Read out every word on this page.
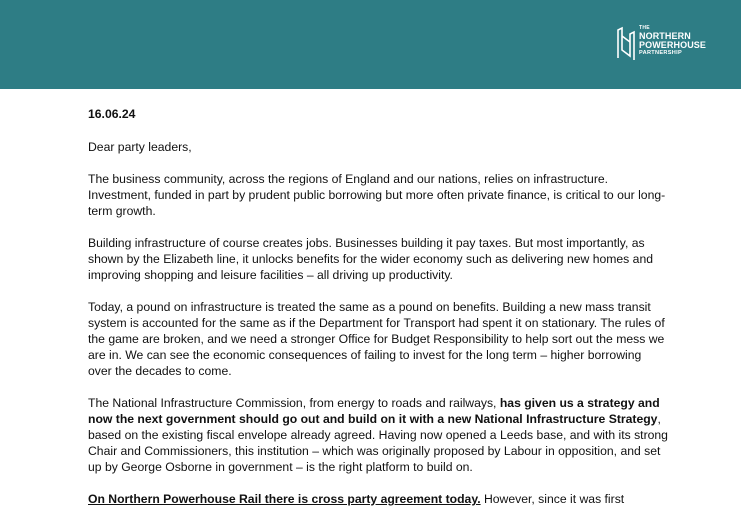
THE
NORTHERN
POWERHOUSE
PARTNERSHIP

16.06.24

Dear party leaders,

The business community, across the regions of England and our nations, relies on infrastructure. Investment, funded in part by prudent public borrowing but more often private finance, is critical to our long-term growth.

Building infrastructure of course creates jobs. Businesses building it pay taxes. But most importantly, as shown by the Elizabeth line, it unlocks benefits for the wider economy such as delivering new homes and improving shopping and leisure facilities – all driving up productivity.

Today, a pound on infrastructure is treated the same as a pound on benefits. Building a new mass transit system is accounted for the same as if the Department for Transport had spent it on stationary. The rules of the game are broken, and we need a stronger Office for Budget Responsibility to help sort out the mess we are in. We can see the economic consequences of failing to invest for the long term – higher borrowing over the decades to come.

The National Infrastructure Commission, from energy to roads and railways, has given us a strategy and now the next government should go out and build on it with a new National Infrastructure Strategy, based on the existing fiscal envelope already agreed. Having now opened a Leeds base, and with its strong Chair and Commissioners, this institution – which was originally proposed by Labour in opposition, and set up by George Osborne in government – is the right platform to build on.

On Northern Powerhouse Rail there is cross party agreement today. However, since it was first
